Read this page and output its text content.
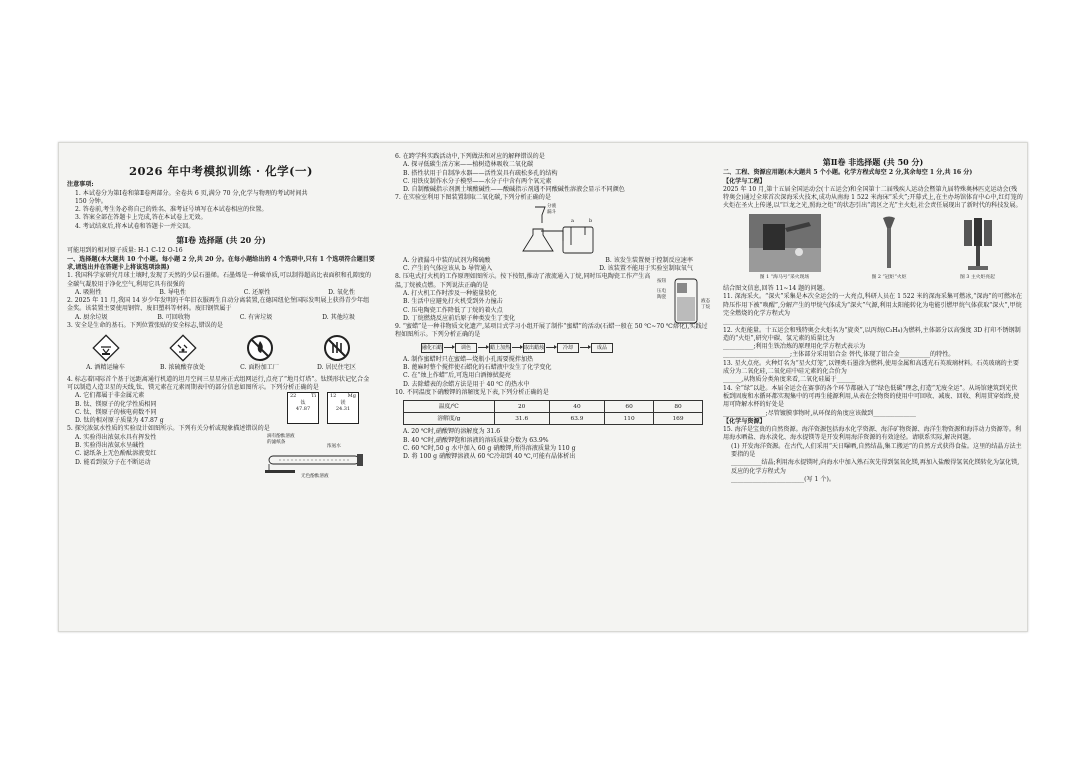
2026 年中考模拟训练 · 化学(一)

注意事项:

1. 本试卷分为第Ⅰ卷和第Ⅱ卷两部分。全卷共 6 页,满分 70 分,化学与物理的考试时间共

150 分钟。

2. 答卷前,考生务必将自己的姓名、准考证号填写在本试卷相应的位置。

3. 答案全部在答题卡上完成,答在本试卷上无效。

4. 考试结束后,将本试卷和答题卡一并交回。

第Ⅰ卷 选择题 (共 20 分)

可能用到的相对原子质量: H-1 C-12 O-16

一、选择题(本大题共 10 个小题。每小题 2 分,共 20 分。在每小题给出的 4 个选项中,只有 1 个选项符合题目要求,请选出并在答题卡上将该选项涂黑)

1. 我国科学家研究月球土壤时,发现了天然的少层石墨烯。石墨烯是一种碳单质,可以制得超高比表面积和孔隙度的全碳气凝胶用于净化空气,利用它具有很强的

A. 吸附性	B. 导电性	C. 还原性	D. 氧化性

2. 2025 年 11 月,我国 14 岁少年发明的千年旧衣服再生自动分离装置,在德国纽伦堡国际发明展上获得青少年组金奖。该装置主要使用钢管、废旧塑料等材料。废旧钢管属于

A. 厨余垃圾	B. 可回收物	C. 有害垃圾	D. 其他垃圾

3. 安全是生命的基石。下列位置张贴的安全标志,错误的是

A. 酒精运输车	B. 浓硫酸存放处	C. 面粉加工厂	D. 居民住宅区

4. 标志着国际首个基于远距离通行机道的坦月空间三星星座正式组网运行,点亮了“地月灯塔”。钛镁形状记忆合金可以制造人造卫星的天线,钛、镁元素在元素周期表中的部分信息如图所示。下列分析正确的是

A. 它们都属于非金属元素

B. 钛、镁原子的化学性质相同

C. 钛、镁原子的核电荷数不同

D. 钛的相对原子质量为 47.87 g

22	Ti
钛
47.87
12 Mg
镁
24.31

5. 探究浓氨水性质的实验设计如图所示。下列有关分析或现象描述错误的是

A. 实验得出浓氨水具有挥发性

B. 实验得出浓氨水呈碱性

C. 滤纸条上无色酚酞溶液变红

D. 能看到氨分子在不断运动

滴有酚酞溶液
的滤纸条
浓氨水
无色酚酞溶液

6. 在跨学科实践活动中,下列做法和对应的解释错误的是

A. 探寻低碳生活方案——植树造林吸收二氧化碳

B. 搭性状用于自制净水器——活性炭具有疏松多孔的结构

C. 用铁皮制作水分子模型——水分子中含有两个氧元素

D. 自制酸碱指示剂测土壤酸碱性——酸碱指示剂遇不同酸碱性溶液会显示不同颜色

7. 在实验室利用下图装置制取二氧化碳,下列分析正确的是

分液
漏斗
a	b
A. 分液漏斗中装的试剂为稀硫酸	B. 该发生装置便于控制反应速率
C. 产生的气体应该从 b 导管通入	D. 该装置不能用于实验室制取氧气

8. 压电式打火机的工作原理如图所示。按下按钮,推动了液流通入丁烷,同时压电陶瓷工作产生高温,丁烷被点燃。下列说法正确的是

A. 打火机工作时涉及一种能量转化

B. 生活中应避免打火机受到外力撞击

C. 压电陶瓷工作降低了丁烷的着火点

D. 丁烷燃烧反应前后原子种类发生了变化

按钮
压电
陶瓷
液态
丁烷

9. “蜜蜡”是一种非物质文化遗产,某项目式学习小组开展了制作“蜜蜡”的活动(石蜡一般在 50 ℃~70 ℃熔化),实践过程如图所示。下列分析正确的是

融化石蜡	调色	蜡上加热	取出蜡烛	冷却	成品

A. 制作蜜蜡时只在蜜蜡—烧瓶小孔需要搅拌加热

B. 蓖麻时整个搅拌使石蜡化的石蜡液中发生了化学变化

C. 在“烛上作蜡”后,可选用白酒擦拭提亮

D. 去除蜡表的余蜡方法是用于 40 ℃ 的热水中

10. 不同温度下硝酸钾的溶解度见下表,下列分析正确的是

温度/℃	20	40	60	80
溶解度/g	31.6	63.9	110	169

A. 20 ℃时,硝酸钾的溶解度为 31.6

B. 40 ℃时,硝酸钾饱和溶液的溶质质量分数为 63.9%

C. 60 ℃时,50 g 水中加入 60 g 硝酸钾,所得溶液质量为 110 g

D. 将 100 g 硝酸钾溶液从 60 ℃冷却到 40 ℃,可能有晶体析出

第Ⅱ卷 非选择题 (共 50 分)

二、工程、资源应用题(本大题共 5 个小题。化学方程式每空 2 分,其余每空 1 分,共 16 分)

【化学与工程】

2025 年 10 月,第十五届全国运动会(十五运会)和全国第十二届残疾人运动会暨第九届特殊奥林匹克运动会(残特奥会)通过全球首次深海采火技术,成功从南海 1 522 米海床“采火”;开幕式上,在主办场馆体育中心中,红灯笼的火炬在圣火上传递,以“巨龙之光,照海之炬”的状态引出“湾区之光”主火炬,社会责任展现出了新时代的科技发展。

图 1 “海马号”采火现场	图 2 “冠炬”火炬	图 3 主火炬亮起

结合图文信息,回答 11~14 题的问题。

11. 深海采火。“深火”采集是本次全运会的一大亮点,科研人员在 1 522 米的深海采集可燃冰,“深海”的可燃冰在降压作用下被“唤醒”,分解产生的甲烷气体成为“深火”气源,利用太阳能转化为电能引燃甲烷气体获取“深火”,甲烷完全燃烧的化学方程式为

______________________________

12. 火炬能量。十五运会和残特奥会火炬名为“旋炎”,以丙烷(C₃H₈)为燃料,主体部分以高强度 3D 打印不锈钢制造的“火炬”,研究中碳、氢元素的质量比为

__________;利用生铁冶炼的原理用化学方程式表示为

______________________;主体部分采用铝合金 替代,体现了铝合金__________的特性。

13. 星火点亮。火种灯名为“星火灯笼”,以锂类石墨涂为燃料,使用金属和高透光石英玻璃材料。石英玻璃的主要成分为二氧化硅,二氧化硅中硅元素的化合价为

______,从物质分类角度来看,二氧化硅属于______

14. 全“绿”以赴。本届全运会在赛事的各个环节都融入了“绿色低碳”理念,打造“无废全运”。从场馆建筑到光伏板到固废和水循环都实现集中的可再生能源利用,从表在会物资的使用中可回收、减废、回收、利用贯穿始终,使用可降解水杯的好处是

______________;尽管镀膜事物时,从环保的角度应该做到______________

【化学与资源】

15. 海洋是宝贵的自然资源。海洋资源包括海水化学资源、海洋矿物资源、海洋生物资源和海洋动力资源等。利用海水晒盐、海水淡化、海水提镁等是开发利用海洋资源的有效途径。请联系实际,解决问题。

(1) 开发海洋资源。在古代,人们采用“天日曝晒,自然结晶,集工搬运”的自然方式获得食盐。这里的结晶方法主要指的是

__________结晶;利用海水提镁时,向海水中加入熟石灰先得到氢氧化镁,再加入盐酸得氢氧化镁转化为氯化镁,反应的化学方程式为

________________________(写 1 个)。
